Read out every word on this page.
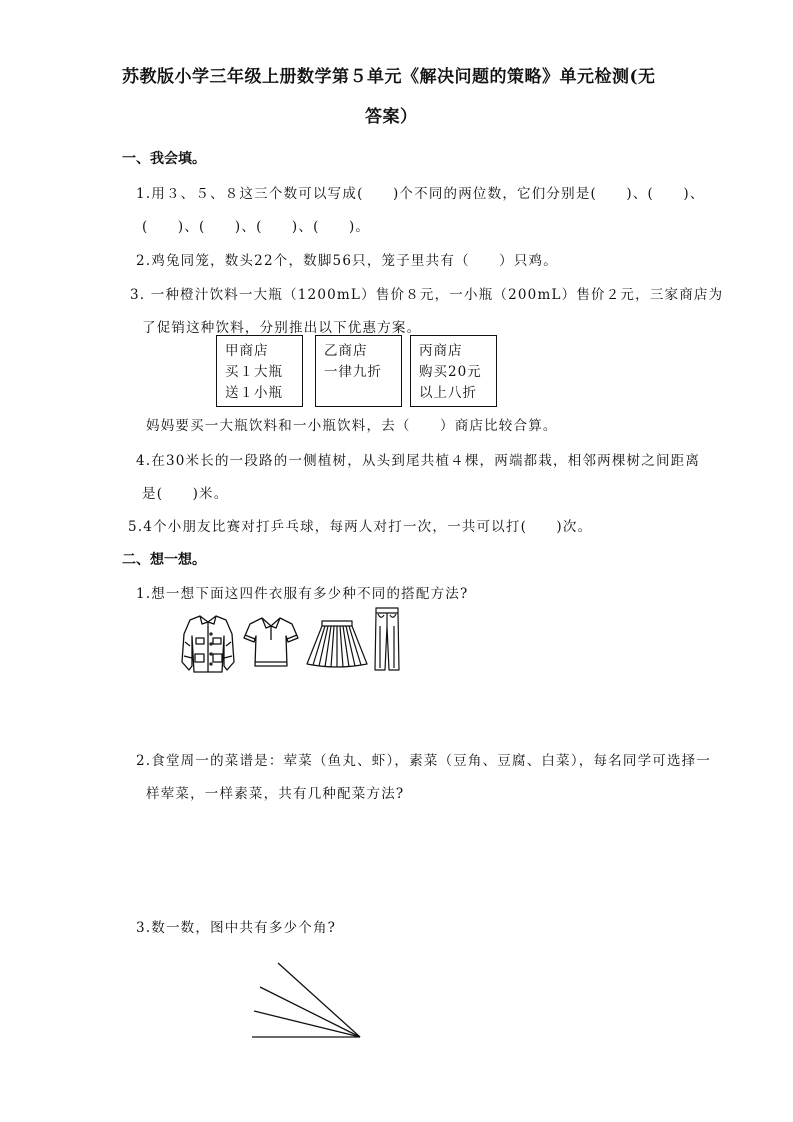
苏教版小学三年级上册数学第５单元《解决问题的策略》单元检测(无
答案）
一、我会填。
1.用３、５、８这三个数可以写成(　　)个不同的两位数，它们分别是(　　)、(　　)、
(　　)、(　　)、(　　)、(　　)。
2.鸡兔同笼，数头22个，数脚56只，笼子里共有（　　）只鸡。
3. 一种橙汁饮料一大瓶（1200mL）售价８元，一小瓶（200mL）售价２元，三家商店为
了促销这种饮料，分别推出以下优惠方案。
甲商店
买１大瓶
送１小瓶
乙商店
一律九折
丙商店
购买20元
以上八折
妈妈要买一大瓶饮料和一小瓶饮料，去（　　）商店比较合算。
4.在30米长的一段路的一侧植树，从头到尾共植４棵，两端都栽，相邻两棵树之间距离
是(　　)米。
5.4个小朋友比赛对打乒乓球，每两人对打一次，一共可以打(　　)次。
二、想一想。
1.想一想下面这四件衣服有多少种不同的搭配方法?
2.食堂周一的菜谱是：荤菜（鱼丸、虾），素菜（豆角、豆腐、白菜），每名同学可选择一
样荤菜，一样素菜，共有几种配菜方法?
3.数一数，图中共有多少个角?
